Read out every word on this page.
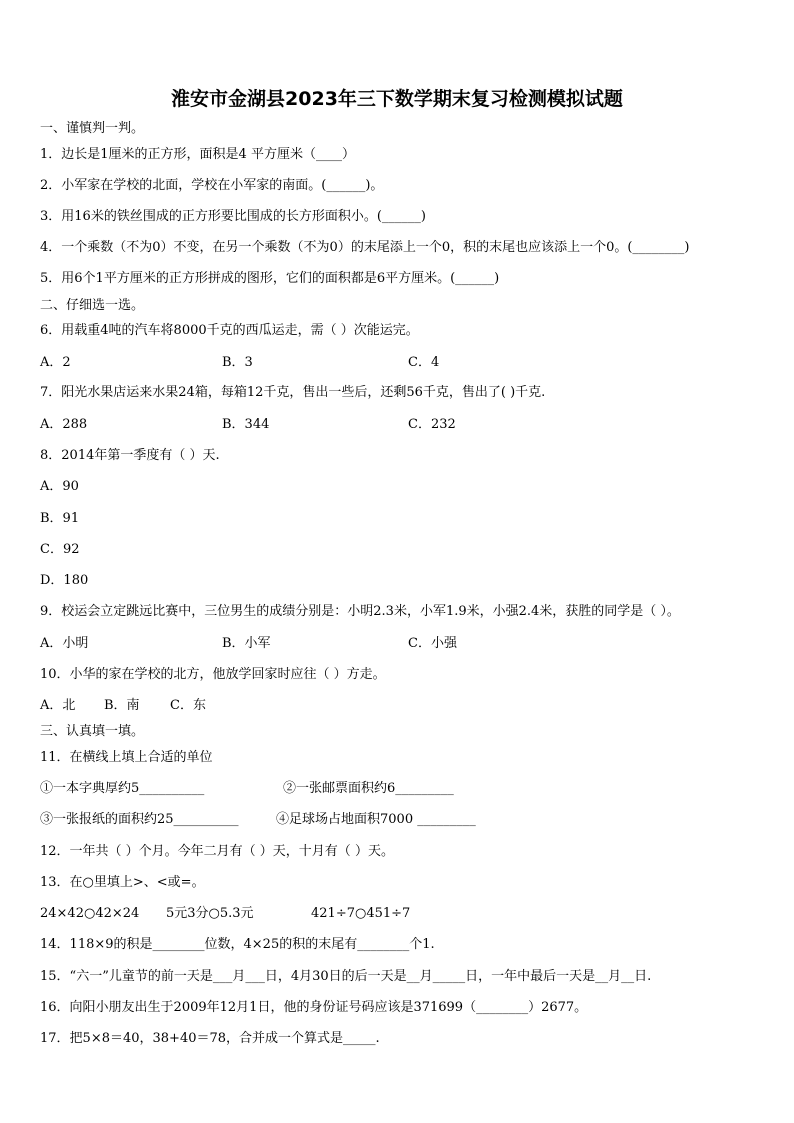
淮安市金湖县2023年三下数学期末复习检测模拟试题
一、谨慎判一判。
1．边长是1厘米的正方形，面积是4 平方厘米（____）
2．小军家在学校的北面，学校在小军家的南面。(______)。
3．用16米的铁丝围成的正方形要比围成的长方形面积小。(______)
4．一个乘数（不为0）不变，在另一个乘数（不为0）的末尾添上一个0，积的末尾也应该添上一个0。(________)
5．用6个1平方厘米的正方形拼成的图形，它们的面积都是6平方厘米。(______)
二、仔细选一选。
6．用载重4吨的汽车将8000千克的西瓜运走，需（ ）次能运完。
A．2	B．3	C．4
7．阳光水果店运来水果24箱，每箱12千克，售出一些后，还剩56千克，售出了( )千克.
A．288	B．344	C．232
8．2014年第一季度有（ ）天.
A．90
B．91
C．92
D．180
9．校运会立定跳远比赛中，三位男生的成绩分别是：小明2.3米，小军1.9米，小强2.4米，获胜的同学是（ ）。
A．小明	B．小军	C．小强
10．小华的家在学校的北方，他放学回家时应往（ ）方走。
A．北 B．南 C．东
三、认真填一填。
11．在横线上填上合适的单位
①一本字典厚约5__________	②一张邮票面积约6_________
③一张报纸的面积约25__________	④足球场占地面积7000 _________
12．一年共（ ）个月。今年二月有（ ）天，十月有（ ）天。
13．在○里填上>、<或=。
24×42○42×24 5元3分○5.3元	421÷7○451÷7
14．118×9的积是________位数，4×25的积的末尾有________个1.
15．“六一”儿童节的前一天是___月___日，4月30日的后一天是__月_____日，一年中最后一天是__月__日.
16．向阳小朋友出生于2009年12月1日，他的身份证号码应该是371699（________）2677。
17．把5×8＝40，38+40＝78，合并成一个算式是_____.
